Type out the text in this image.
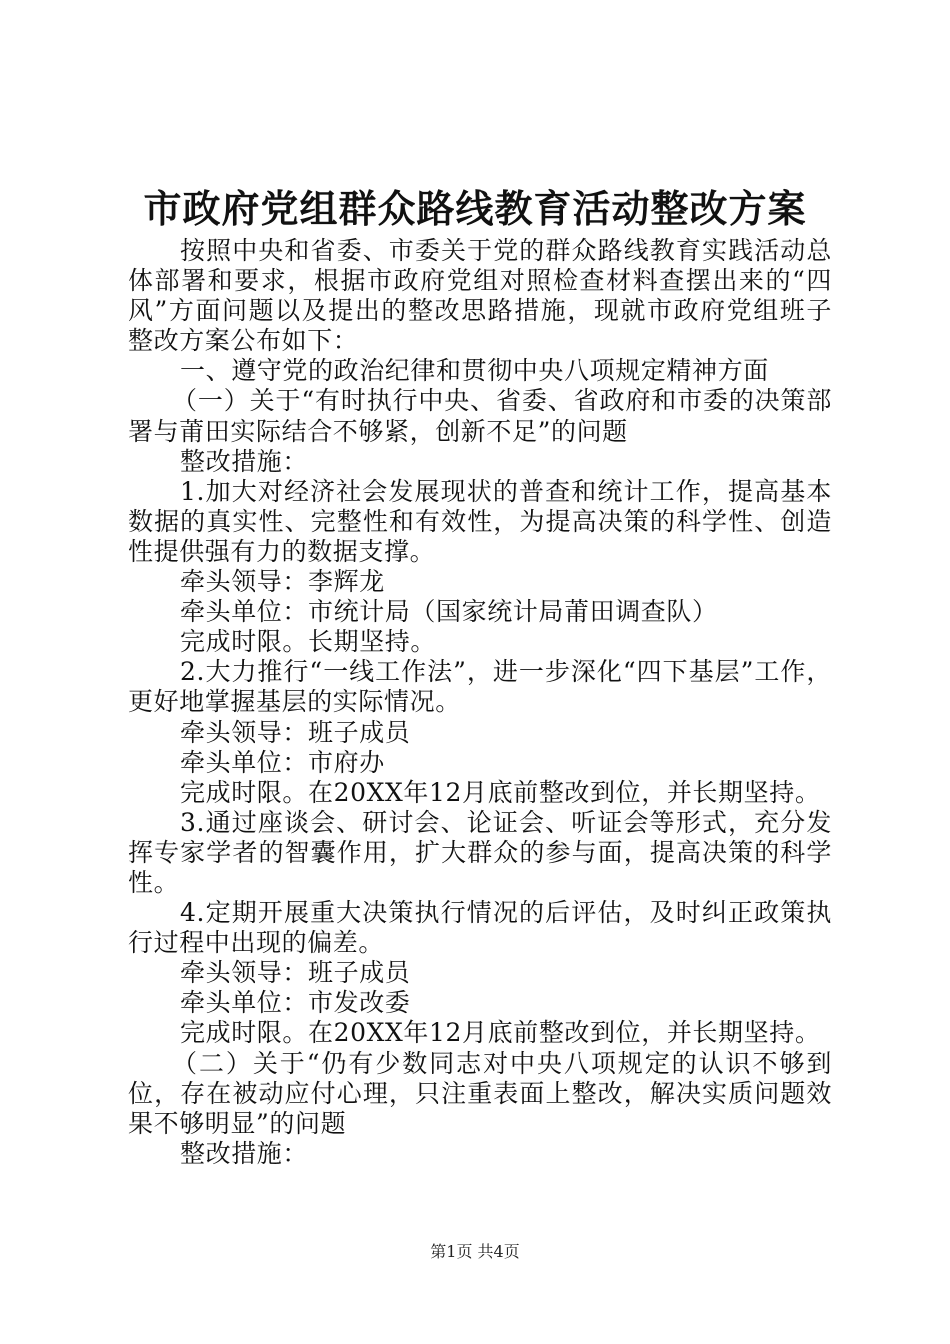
市政府党组群众路线教育活动整改方案

按照中央和省委、市委关于党的群众路线教育实践活动总体部署和要求，根据市政府党组对照检查材料查摆出来的“四风”方面问题以及提出的整改思路措施，现就市政府党组班子整改方案公布如下：

一、遵守党的政治纪律和贯彻中央八项规定精神方面

（一）关于“有时执行中央、省委、省政府和市委的决策部署与莆田实际结合不够紧，创新不足”的问题

整改措施：

1.加大对经济社会发展现状的普查和统计工作，提高基本数据的真实性、完整性和有效性，为提高决策的科学性、创造性提供强有力的数据支撑。

牵头领导：李辉龙

牵头单位：市统计局（国家统计局莆田调查队）

完成时限。长期坚持。

2.大力推行“一线工作法”，进一步深化“四下基层”工作，更好地掌握基层的实际情况。

牵头领导：班子成员

牵头单位：市府办

完成时限。在20XX年12月底前整改到位，并长期坚持。

3.通过座谈会、研讨会、论证会、听证会等形式，充分发挥专家学者的智囊作用，扩大群众的参与面，提高决策的科学性。

4.定期开展重大决策执行情况的后评估，及时纠正政策执行过程中出现的偏差。

牵头领导：班子成员

牵头单位：市发改委

完成时限。在20XX年12月底前整改到位，并长期坚持。

（二）关于“仍有少数同志对中央八项规定的认识不够到位，存在被动应付心理，只注重表面上整改，解决实质问题效果不够明显”的问题

整改措施：

第1页 共4页
